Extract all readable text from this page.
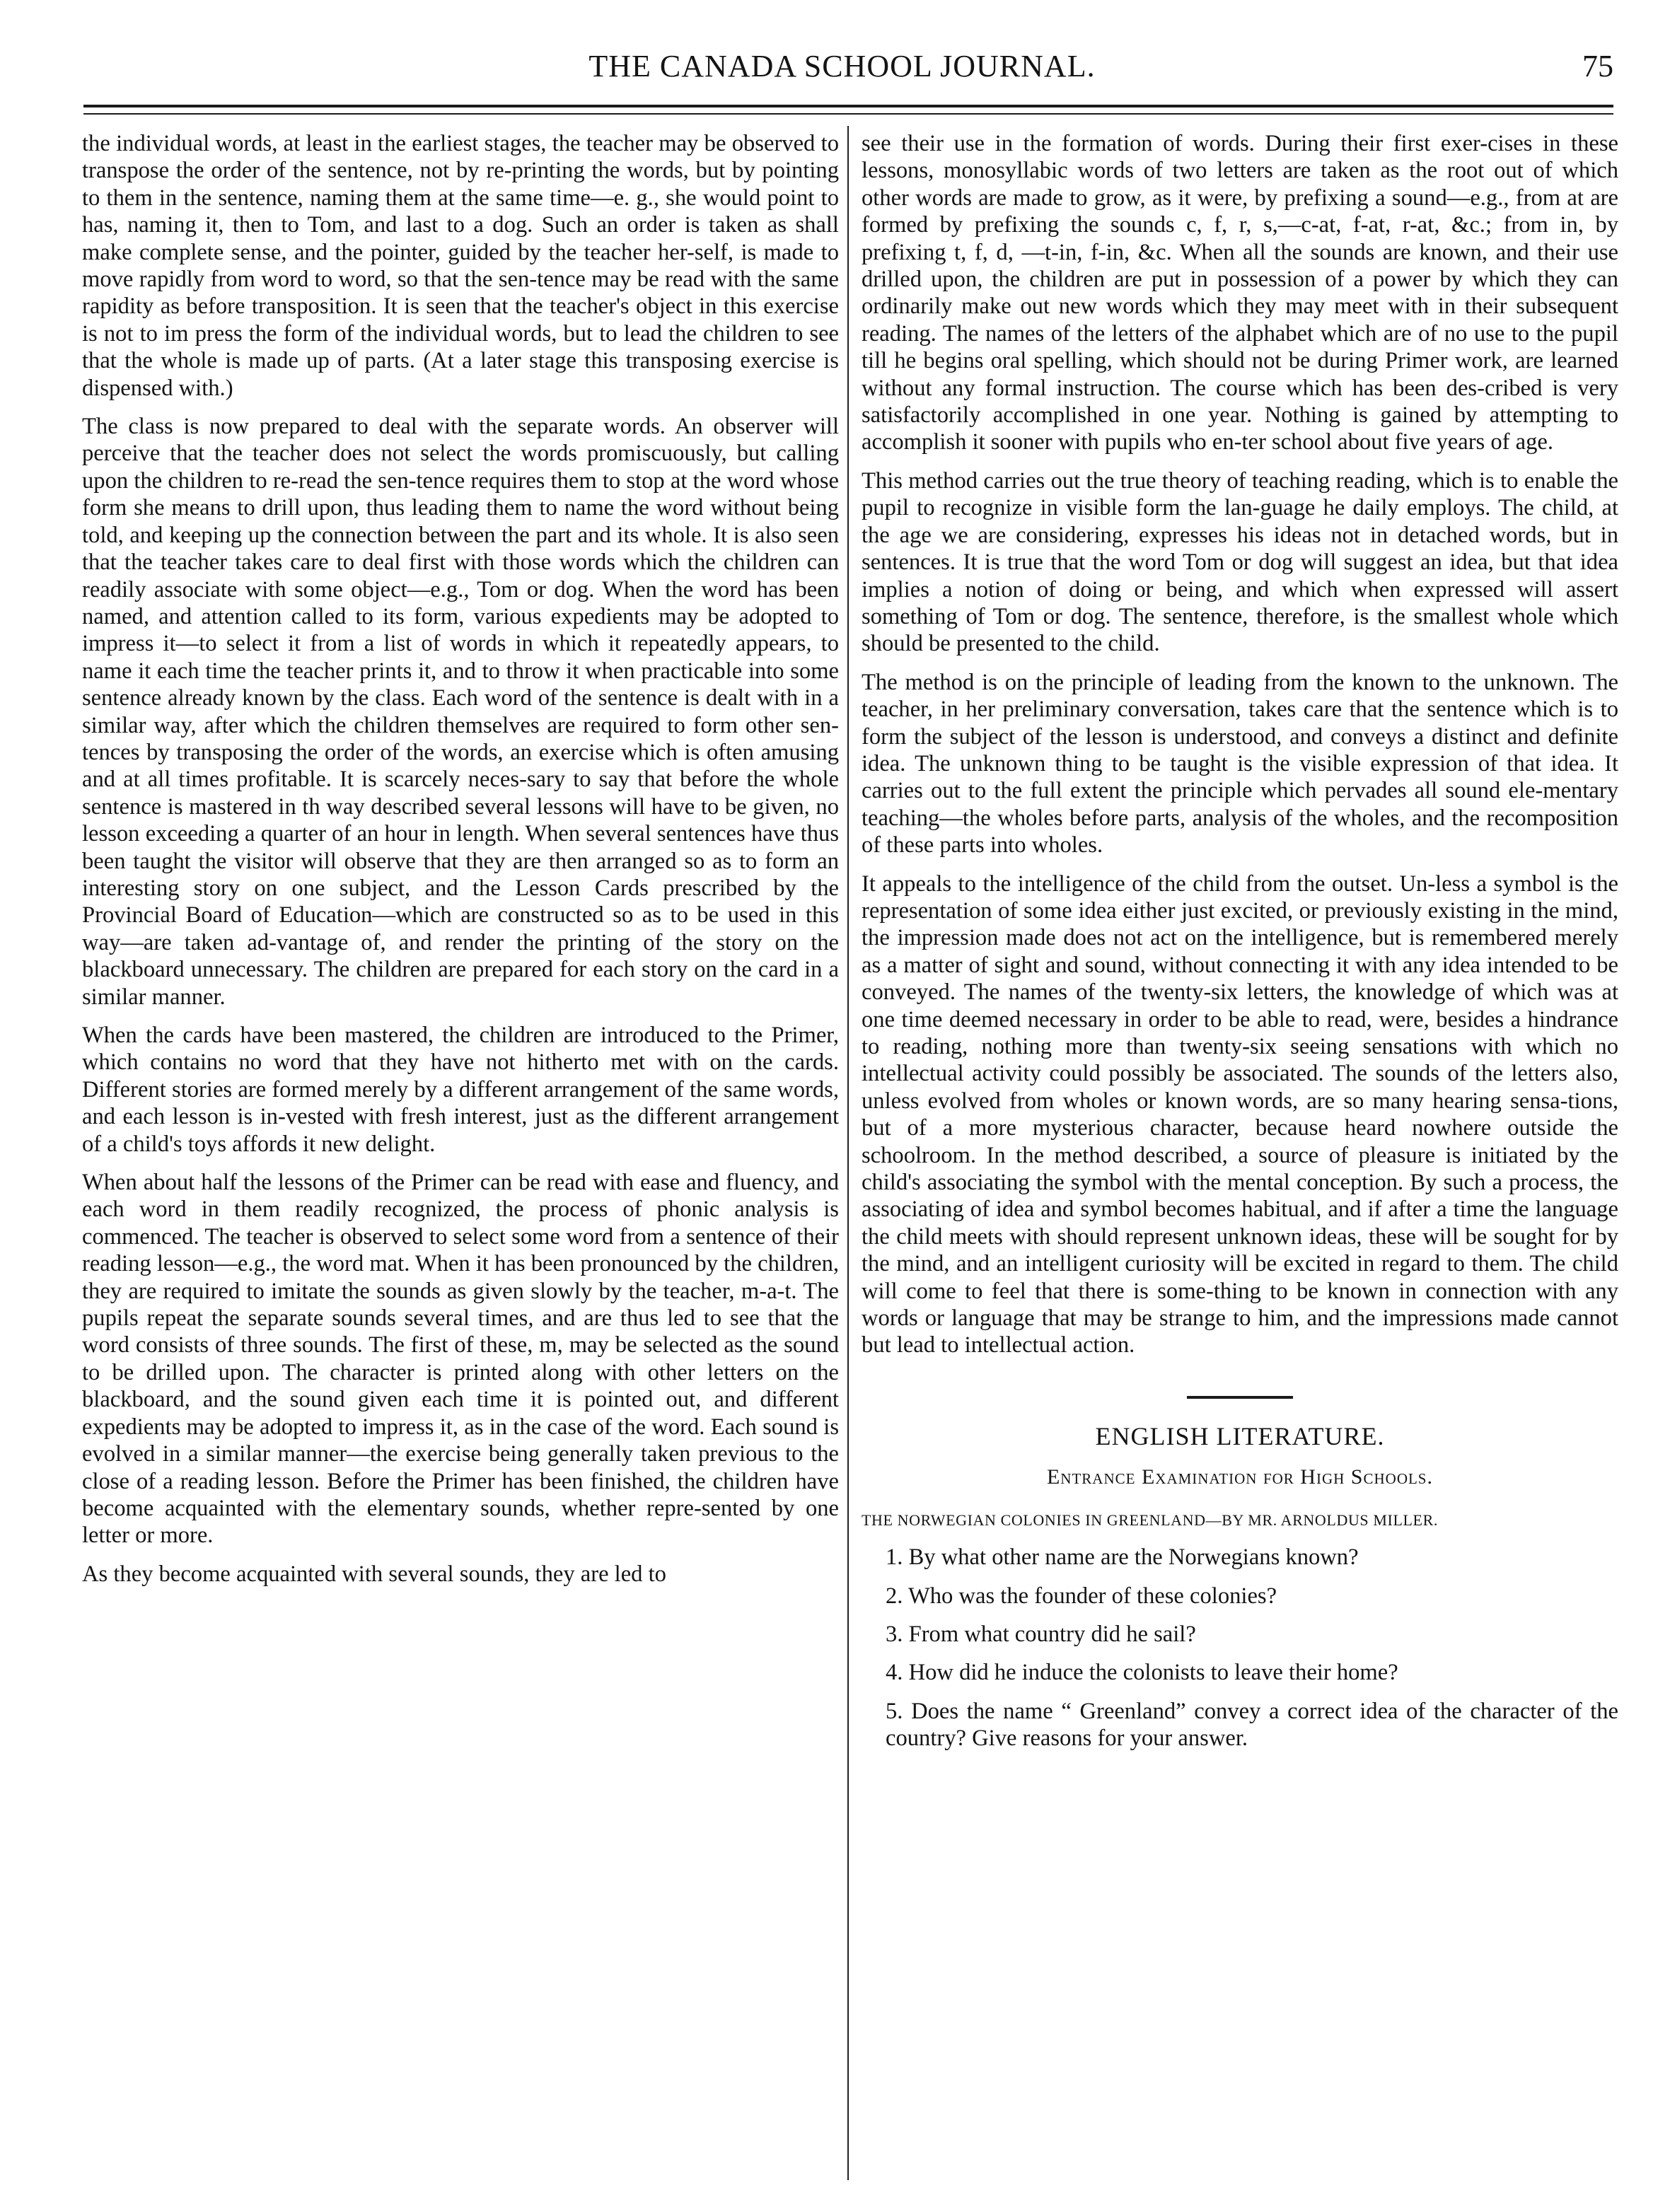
THE CANADA SCHOOL JOURNAL.	75

the individual words, at least in the earliest stages, the teacher may be observed to transpose the order of the sentence, not by re-printing the words, but by pointing to them in the sentence, naming them at the same time—e. g., she would point to has, naming it, then to Tom, and last to a dog. Such an order is taken as shall make complete sense, and the pointer, guided by the teacher her-self, is made to move rapidly from word to word, so that the sen-tence may be read with the same rapidity as before transposition. It is seen that the teacher's object in this exercise is not to im press the form of the individual words, but to lead the children to see that the whole is made up of parts. (At a later stage this transposing exercise is dispensed with.)

The class is now prepared to deal with the separate words. An observer will perceive that the teacher does not select the words promiscuously, but calling upon the children to re-read the sen-tence requires them to stop at the word whose form she means to drill upon, thus leading them to name the word without being told, and keeping up the connection between the part and its whole. It is also seen that the teacher takes care to deal first with those words which the children can readily associate with some object—e.g., Tom or dog. When the word has been named, and attention called to its form, various expedients may be adopted to impress it—to select it from a list of words in which it repeatedly appears, to name it each time the teacher prints it, and to throw it when practicable into some sentence already known by the class. Each word of the sentence is dealt with in a similar way, after which the children themselves are required to form other sen-tences by transposing the order of the words, an exercise which is often amusing and at all times profitable. It is scarcely neces-sary to say that before the whole sentence is mastered in th way described several lessons will have to be given, no lesson exceeding a quarter of an hour in length. When several sentences have thus been taught the visitor will observe that they are then arranged so as to form an interesting story on one subject, and the Lesson Cards prescribed by the Provincial Board of Education—which are constructed so as to be used in this way—are taken ad-vantage of, and render the printing of the story on the blackboard unnecessary. The children are prepared for each story on the card in a similar manner.

When the cards have been mastered, the children are introduced to the Primer, which contains no word that they have not hitherto met with on the cards. Different stories are formed merely by a different arrangement of the same words, and each lesson is in-vested with fresh interest, just as the different arrangement of a child's toys affords it new delight.

When about half the lessons of the Primer can be read with ease and fluency, and each word in them readily recognized, the process of phonic analysis is commenced. The teacher is observed to select some word from a sentence of their reading lesson—e.g., the word mat. When it has been pronounced by the children, they are required to imitate the sounds as given slowly by the teacher, m-a-t. The pupils repeat the separate sounds several times, and are thus led to see that the word consists of three sounds. The first of these, m, may be selected as the sound to be drilled upon. The character is printed along with other letters on the blackboard, and the sound given each time it is pointed out, and different expedients may be adopted to impress it, as in the case of the word. Each sound is evolved in a similar manner—the exercise being generally taken previous to the close of a reading lesson. Before the Primer has been finished, the children have become acquainted with the elementary sounds, whether repre-sented by one letter or more.

As they become acquainted with several sounds, they are led to

see their use in the formation of words. During their first exer-cises in these lessons, monosyllabic words of two letters are taken as the root out of which other words are made to grow, as it were, by prefixing a sound—e.g., from at are formed by prefixing the sounds c, f, r, s,—c-at, f-at, r-at, &c.; from in, by prefixing t, f, d, —t-in, f-in, &c. When all the sounds are known, and their use drilled upon, the children are put in possession of a power by which they can ordinarily make out new words which they may meet with in their subsequent reading. The names of the letters of the alphabet which are of no use to the pupil till he begins oral spelling, which should not be during Primer work, are learned without any formal instruction. The course which has been des-cribed is very satisfactorily accomplished in one year. Nothing is gained by attempting to accomplish it sooner with pupils who en-ter school about five years of age.

This method carries out the true theory of teaching reading, which is to enable the pupil to recognize in visible form the lan-guage he daily employs. The child, at the age we are considering, expresses his ideas not in detached words, but in sentences. It is true that the word Tom or dog will suggest an idea, but that idea implies a notion of doing or being, and which when expressed will assert something of Tom or dog. The sentence, therefore, is the smallest whole which should be presented to the child.

The method is on the principle of leading from the known to the unknown. The teacher, in her preliminary conversation, takes care that the sentence which is to form the subject of the lesson is understood, and conveys a distinct and definite idea. The unknown thing to be taught is the visible expression of that idea. It carries out to the full extent the principle which pervades all sound ele-mentary teaching—the wholes before parts, analysis of the wholes, and the recomposition of these parts into wholes.

It appeals to the intelligence of the child from the outset. Un-less a symbol is the representation of some idea either just excited, or previously existing in the mind, the impression made does not act on the intelligence, but is remembered merely as a matter of sight and sound, without connecting it with any idea intended to be conveyed. The names of the twenty-six letters, the knowledge of which was at one time deemed necessary in order to be able to read, were, besides a hindrance to reading, nothing more than twenty-six seeing sensations with which no intellectual activity could possibly be associated. The sounds of the letters also, unless evolved from wholes or known words, are so many hearing sensa-tions, but of a more mysterious character, because heard nowhere outside the schoolroom. In the method described, a source of pleasure is initiated by the child's associating the symbol with the mental conception. By such a process, the associating of idea and symbol becomes habitual, and if after a time the language the child meets with should represent unknown ideas, these will be sought for by the mind, and an intelligent curiosity will be excited in regard to them. The child will come to feel that there is some-thing to be known in connection with any words or language that may be strange to him, and the impressions made cannot but lead to intellectual action.

ENGLISH LITERATURE.
Entrance Examination for High Schools.
THE NORWEGIAN COLONIES IN GREENLAND—BY MR. ARNOLDUS MILLER.

1. By what other name are the Norwegians known?

2. Who was the founder of these colonies?

3. From what country did he sail?

4. How did he induce the colonists to leave their home?

5. Does the name “ Greenland” convey a correct idea of the character of the country? Give reasons for your answer.
